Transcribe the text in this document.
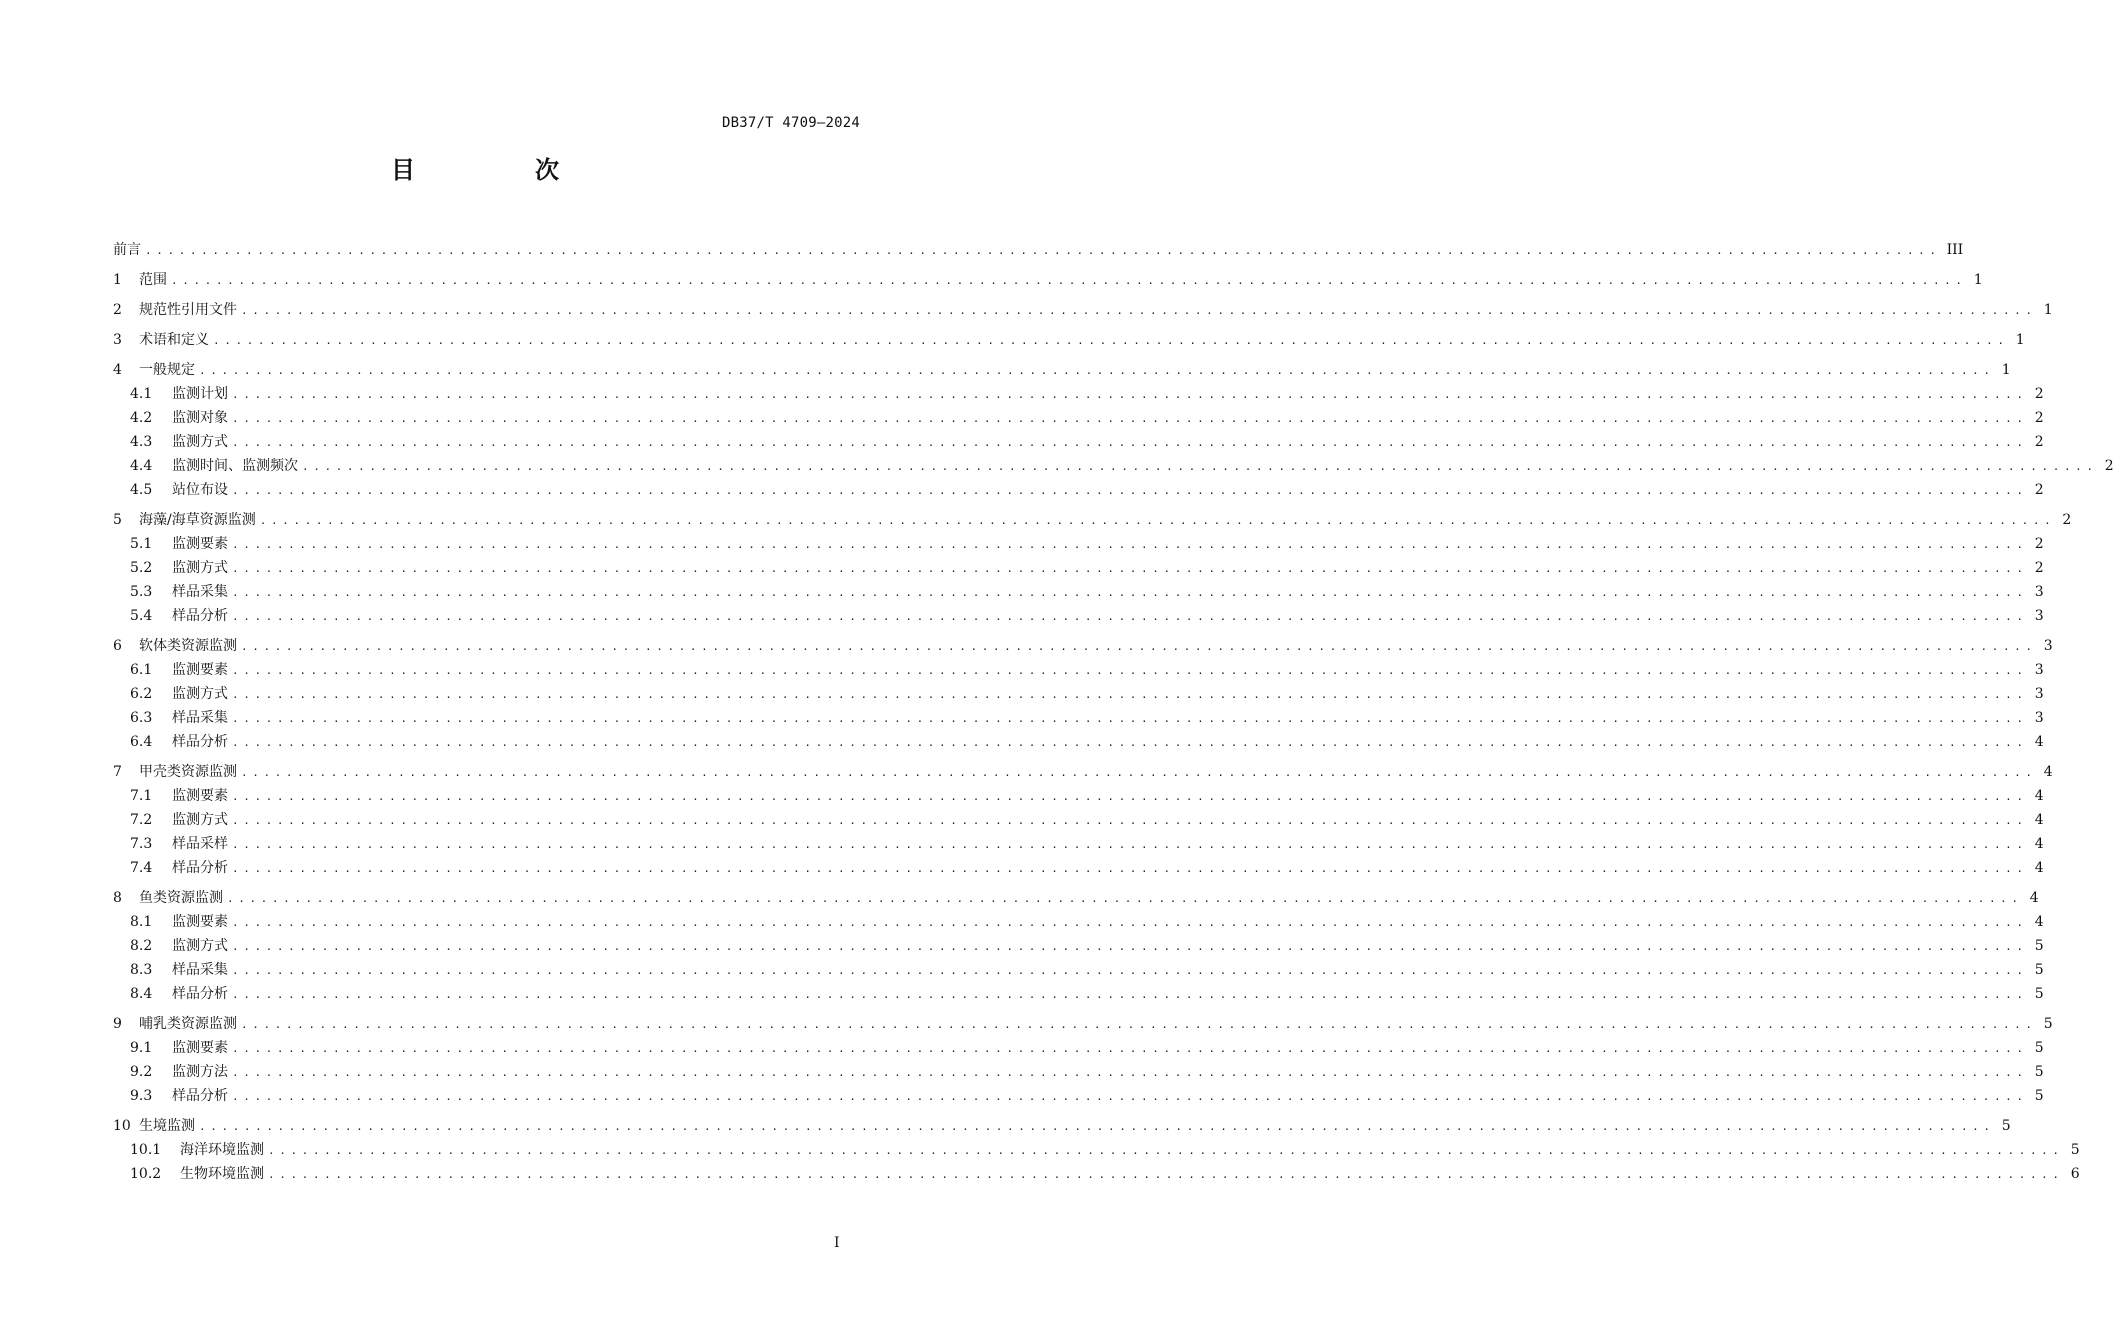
DB37/T 4709—2024
目　次
前言 ................................................................................................................................................................ III
1	范围 ................................................................................................................................................................ 1
2	规范性引用文件 ................................................................................................................................................................ 1
3	术语和定义 ................................................................................................................................................................ 1
4	一般规定 ................................................................................................................................................................ 1
4.1	监测计划 ................................................................................................................................................................ 2
4.2	监测对象 ................................................................................................................................................................ 2
4.3	监测方式 ................................................................................................................................................................ 2
4.4	监测时间、监测频次 ................................................................................................................................................................ 2
4.5	站位布设 ................................................................................................................................................................ 2
5	海藻/海草资源监测 ................................................................................................................................................................ 2
5.1	监测要素 ................................................................................................................................................................ 2
5.2	监测方式 ................................................................................................................................................................ 2
5.3	样品采集 ................................................................................................................................................................ 3
5.4	样品分析 ................................................................................................................................................................ 3
6	软体类资源监测 ................................................................................................................................................................ 3
6.1	监测要素 ................................................................................................................................................................ 3
6.2	监测方式 ................................................................................................................................................................ 3
6.3	样品采集 ................................................................................................................................................................ 3
6.4	样品分析 ................................................................................................................................................................ 4
7	甲壳类资源监测 ................................................................................................................................................................ 4
7.1	监测要素 ................................................................................................................................................................ 4
7.2	监测方式 ................................................................................................................................................................ 4
7.3	样品采样 ................................................................................................................................................................ 4
7.4	样品分析 ................................................................................................................................................................ 4
8	鱼类资源监测 ................................................................................................................................................................ 4
8.1	监测要素 ................................................................................................................................................................ 4
8.2	监测方式 ................................................................................................................................................................ 5
8.3	样品采集 ................................................................................................................................................................ 5
8.4	样品分析 ................................................................................................................................................................ 5
9	哺乳类资源监测 ................................................................................................................................................................ 5
9.1	监测要素 ................................................................................................................................................................ 5
9.2	监测方法 ................................................................................................................................................................ 5
9.3	样品分析 ................................................................................................................................................................ 5
10 生境监测 ................................................................................................................................................................ 5
10.1	海洋环境监测 ................................................................................................................................................................ 5
10.2	生物环境监测 ................................................................................................................................................................ 6
I
